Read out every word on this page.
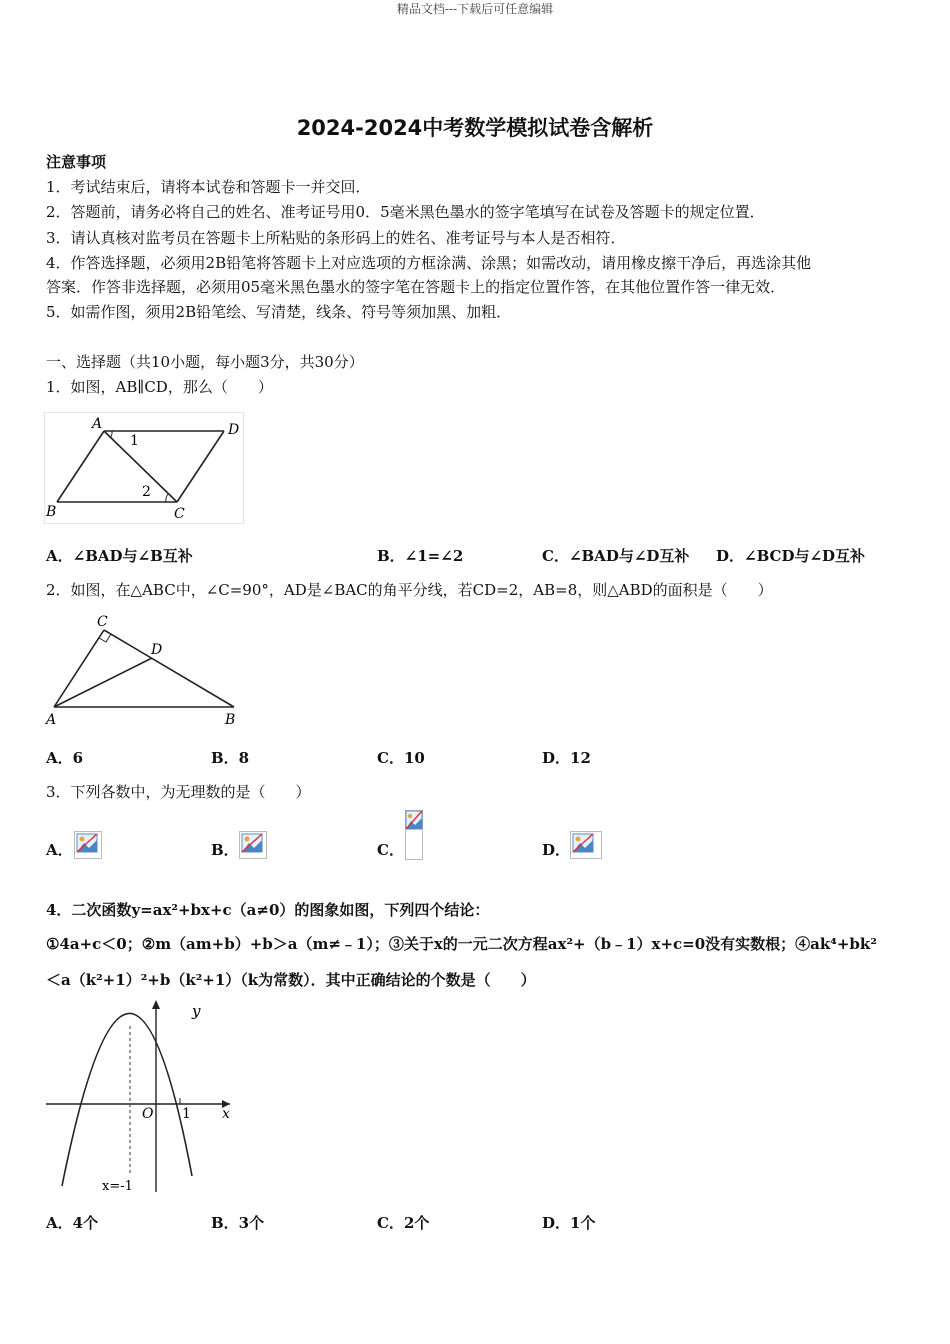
精品文档---下载后可任意编辑
2024-2024中考数学模拟试卷含解析
注意事项
1．考试结束后，请将本试卷和答题卡一并交回．
2．答题前，请务必将自己的姓名、准考证号用0．5毫米黑色墨水的签字笔填写在试卷及答题卡的规定位置．
3．请认真核对监考员在答题卡上所粘贴的条形码上的姓名、准考证号与本人是否相符．
4．作答选择题，必须用2B铅笔将答题卡上对应选项的方框涂满、涂黑；如需改动，请用橡皮擦干净后，再选涂其他
答案．作答非选择题，必须用05毫米黑色墨水的签字笔在答题卡上的指定位置作答，在其他位置作答一律无效．
5．如需作图，须用2B铅笔绘、写清楚，线条、符号等须加黑、加粗．
一、选择题（共10小题，每小题3分，共30分）
1．如图，AB∥CD，那么（　　）
A	D
B	C
1
2
A．∠BAD与∠B互补	B．∠1=∠2	C．∠BAD与∠D互补 D．∠BCD与∠D互补
2．如图，在△ABC中，∠C=90°，AD是∠BAC的角平分线，若CD=2，AB=8，则△ABD的面积是（　　）
C
D
A	B
A．6	B．8	C．10	D．12
3．下列各数中，为无理数的是（　　）
A．	B．	C．	D．
4．二次函数y=ax²+bx+c（a≠0）的图象如图，下列四个结论：
①4a+c＜0；②m（am+b）+b＞a（m≠﹣1）；③关于x的一元二次方程ax²+（b﹣1）x+c=0没有实数根；④ak⁴+bk²
＜a（k²+1）²+b（k²+1）（k为常数）．其中正确结论的个数是（　　）
y
x
O 1
x=-1
A．4个	B．3个	C．2个	D．1个
